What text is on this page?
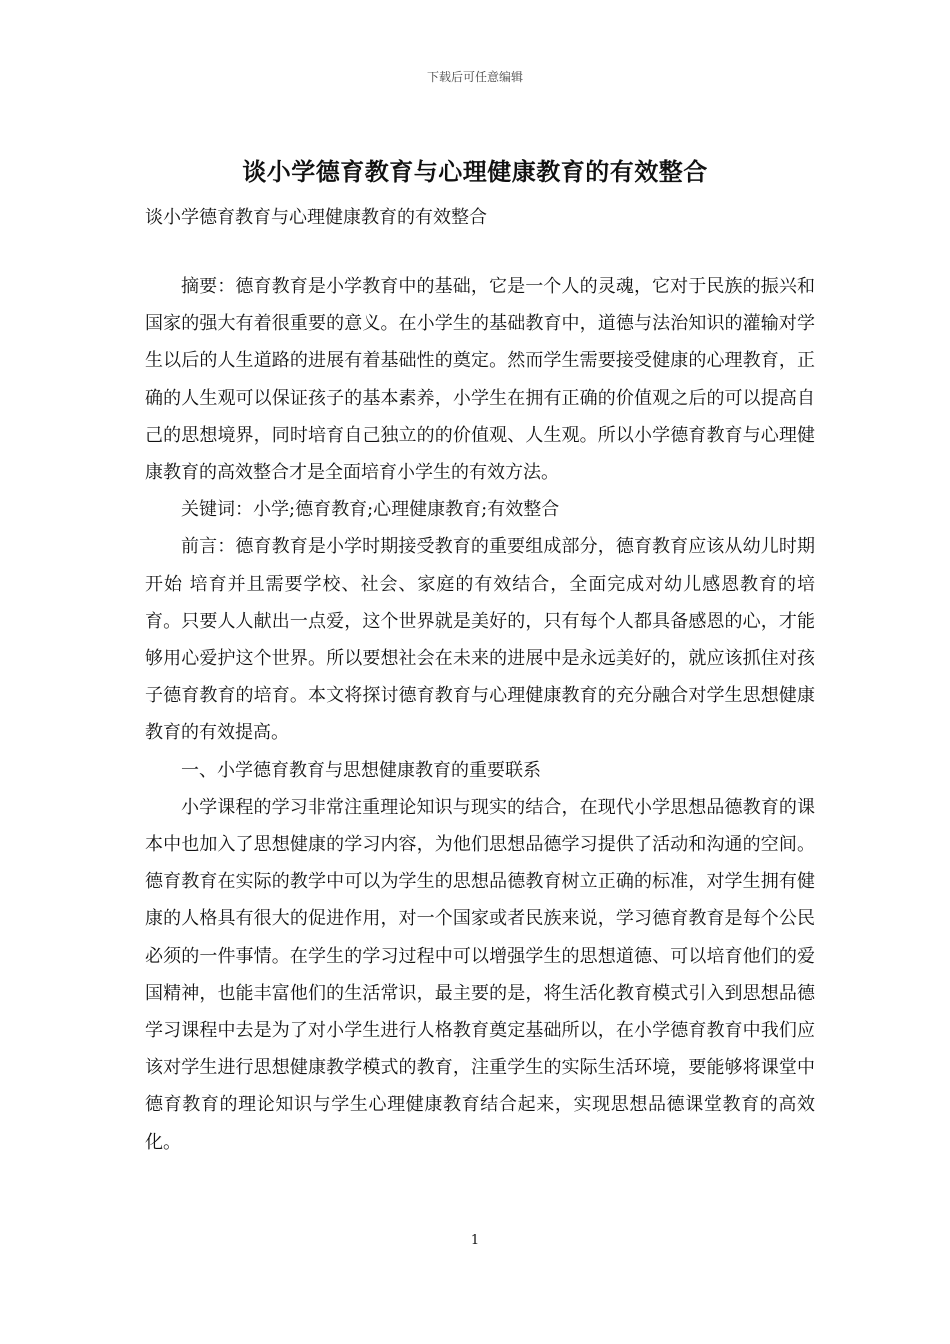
下载后可任意编辑
谈小学德育教育与心理健康教育的有效整合
谈小学德育教育与心理健康教育的有效整合

摘要：德育教育是小学教育中的基础，它是一个人的灵魂，它对于民族的振兴和国家的强大有着很重要的意义。在小学生的基础教育中，道德与法治知识的灌输对学生以后的人生道路的进展有着基础性的奠定。然而学生需要接受健康的心理教育，正确的人生观可以保证孩子的基本素养，小学生在拥有正确的价值观之后的可以提高自己的思想境界，同时培育自己独立的的价值观、人生观。所以小学德育教育与心理健康教育的高效整合才是全面培育小学生的有效方法。

关键词：小学;德育教育;心理健康教育;有效整合

前言：德育教育是小学时期接受教育的重要组成部分，德育教育应该从幼儿时期开始 培育并且需要学校、社会、家庭的有效结合，全面完成对幼儿感恩教育的培育。只要人人献出一点爱，这个世界就是美好的，只有每个人都具备感恩的心，才能够用心爱护这个世界。所以要想社会在未来的进展中是永远美好的，就应该抓住对孩子德育教育的培育。本文将探讨德育教育与心理健康教育的充分融合对学生思想健康教育的有效提高。

一、小学德育教育与思想健康教育的重要联系

小学课程的学习非常注重理论知识与现实的结合，在现代小学思想品德教育的课本中也加入了思想健康的学习内容，为他们思想品德学习提供了活动和沟通的空间。德育教育在实际的教学中可以为学生的思想品德教育树立正确的标准，对学生拥有健康的人格具有很大的促进作用，对一个国家或者民族来说，学习德育教育是每个公民必须的一件事情。在学生的学习过程中可以增强学生的思想道德、可以培育他们的爱国精神，也能丰富他们的生活常识，最主要的是，将生活化教育模式引入到思想品德学习课程中去是为了对小学生进行人格教育奠定基础所以，在小学德育教育中我们应该对学生进行思想健康教学模式的教育，注重学生的实际生活环境，要能够将课堂中德育教育的理论知识与学生心理健康教育结合起来，实现思想品德课堂教育的高效化。

1
